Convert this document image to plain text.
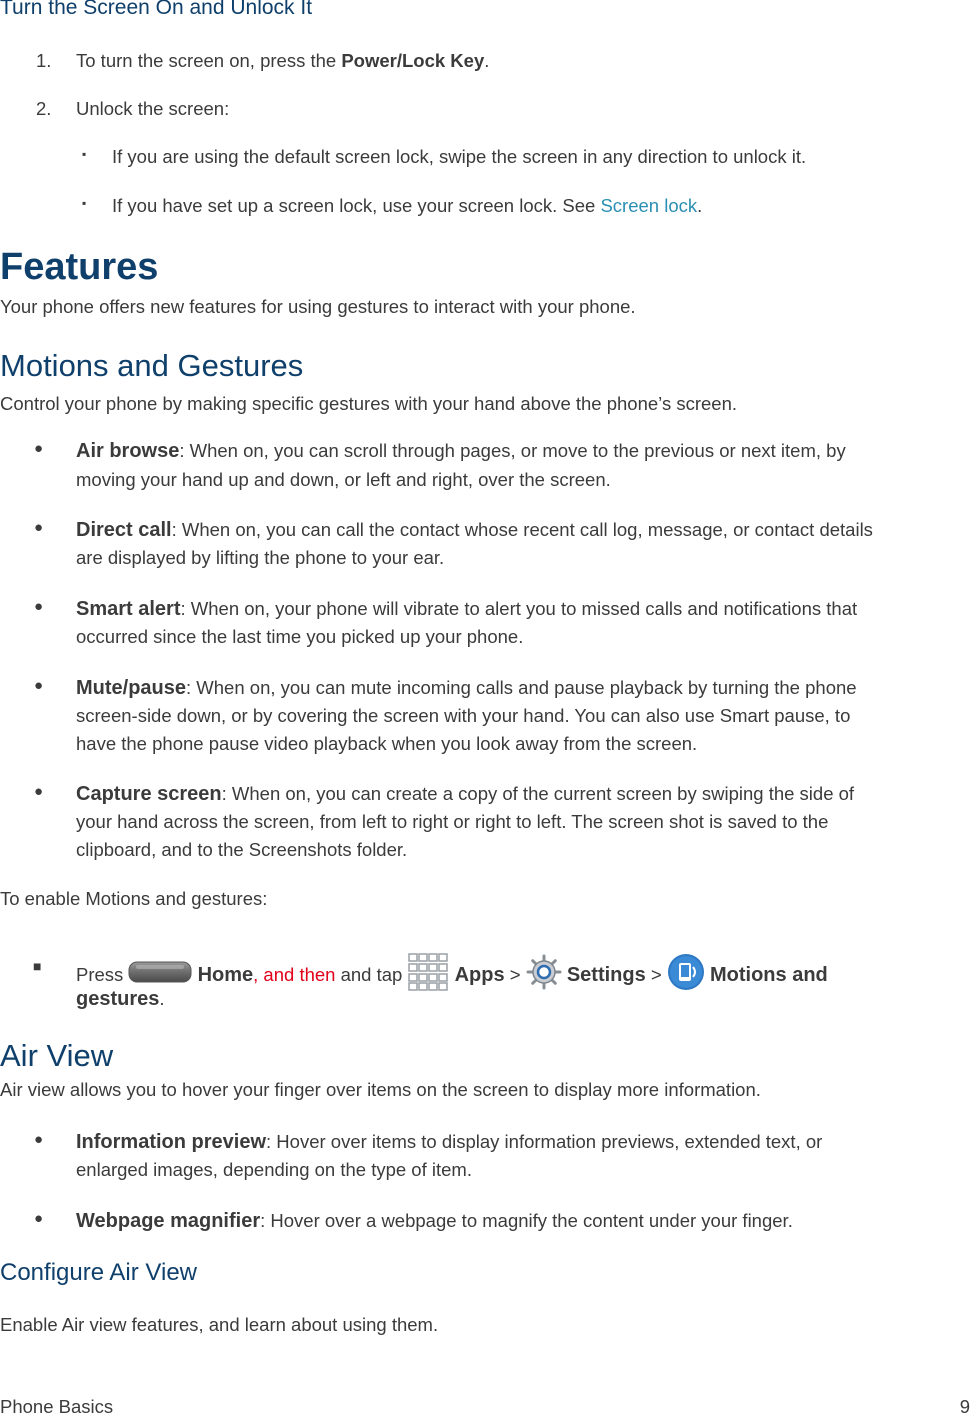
Turn the Screen On and Unlock It
1. To turn the screen on, press the Power/Lock Key.
2. Unlock the screen:
▪ If you are using the default screen lock, swipe the screen in any direction to unlock it.
▪ If you have set up a screen lock, use your screen lock. See Screen lock.
Features
Your phone offers new features for using gestures to interact with your phone.
Motions and Gestures
Control your phone by making specific gestures with your hand above the phone’s screen.
● Air browse: When on, you can scroll through pages, or move to the previous or next item, by
moving your hand up and down, or left and right, over the screen.
● Direct call: When on, you can call the contact whose recent call log, message, or contact details
are displayed by lifting the phone to your ear.
● Smart alert: When on, your phone will vibrate to alert you to missed calls and notifications that
occurred since the last time you picked up your phone.
● Mute/pause: When on, you can mute incoming calls and pause playback by turning the phone
screen-side down, or by covering the screen with your hand. You can also use Smart pause, to
have the phone pause video playback when you look away from the screen.
● Capture screen: When on, you can create a copy of the current screen by swiping the side of
your hand across the screen, from left to right or right to left. The screen shot is saved to the
clipboard, and to the Screenshots folder.
To enable Motions and gestures:
■ Press	Home, and then and tap  Apps >  Settings >  Motions and
gestures.
Air View
Air view allows you to hover your finger over items on the screen to display more information.
● Information preview: Hover over items to display information previews, extended text, or
enlarged images, depending on the type of item.
● Webpage magnifier: Hover over a webpage to magnify the content under your finger.
Configure Air View
Enable Air view features, and learn about using them.
Phone Basics	9
